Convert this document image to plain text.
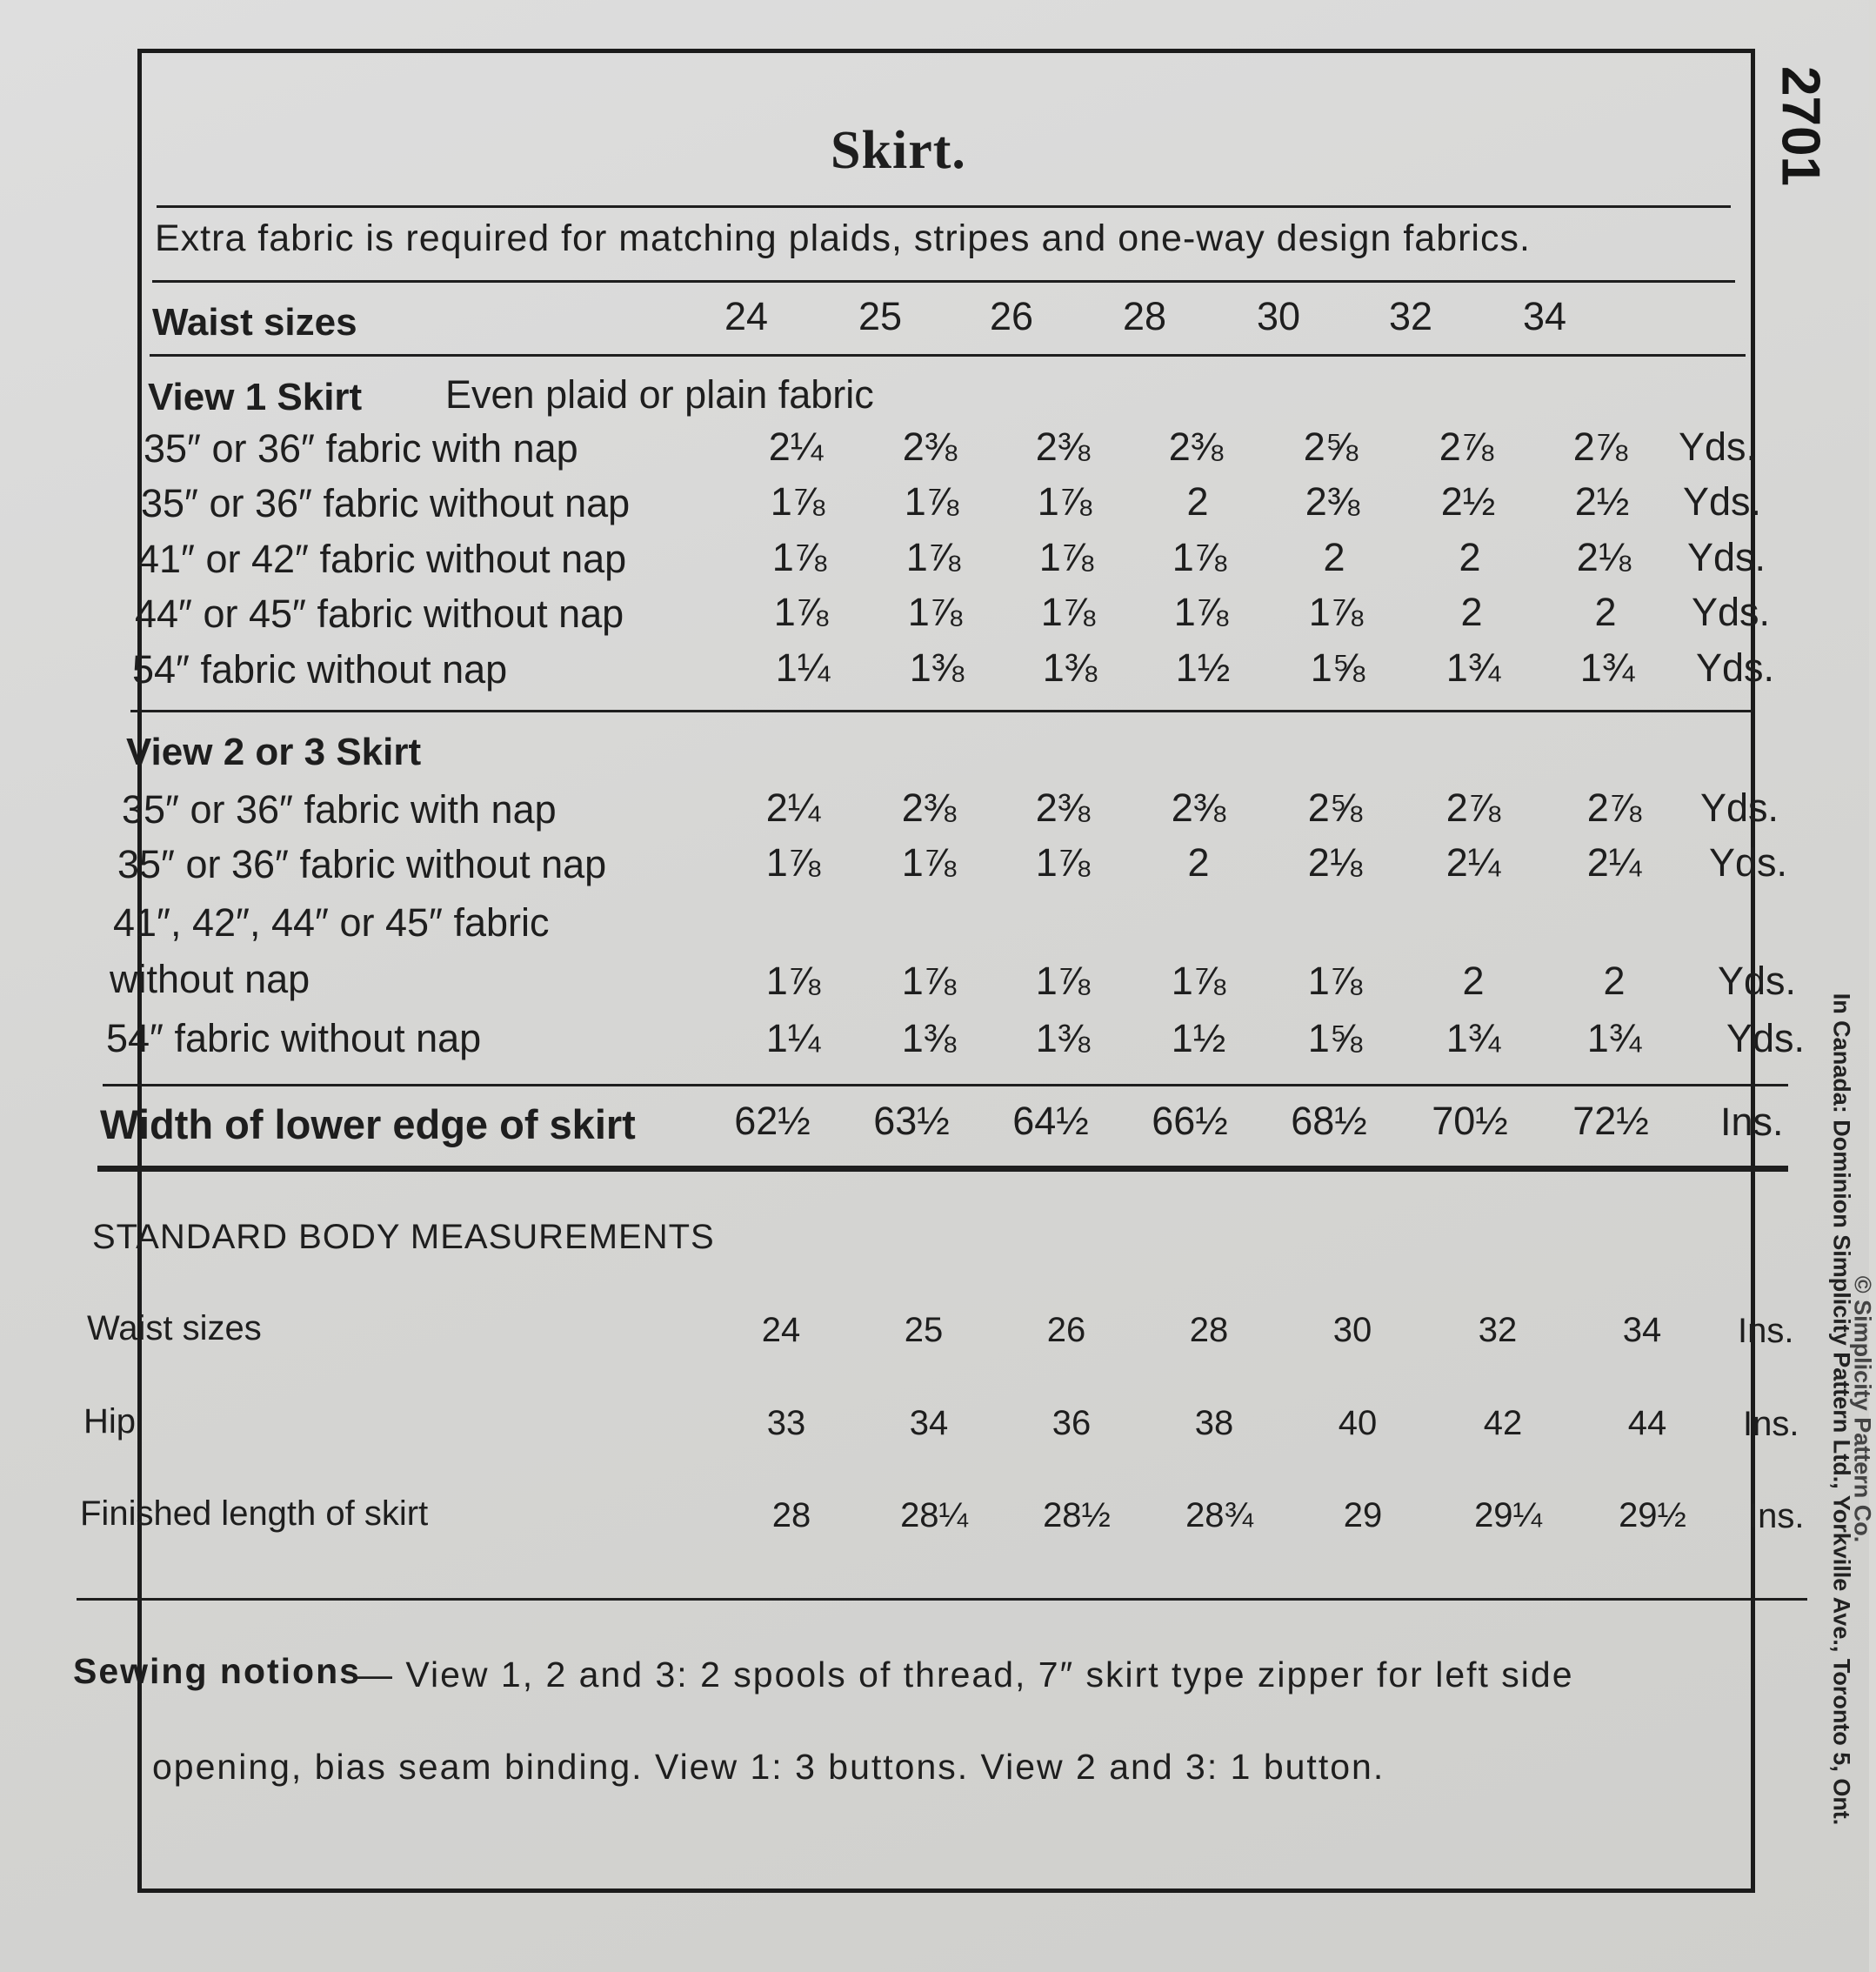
2701
In Canada: Dominion Simplicity Pattern Ltd., Yorkville Ave., Toronto 5, Ont.
© Simplicity Pattern Co.
Skirt.
Extra fabric is required for matching plaids, stripes and one-way design fabrics.
Waist sizes	24	25	26	28	30	32	34
View 1 Skirt Even plaid or plain fabric
35″ or 36″ fabric with nap	2¼	2⅜	2⅜	2⅜	2⅝	2⅞	2⅞	Yds.
35″ or 36″ fabric without nap	1⅞	1⅞	1⅞	2	2⅜	2½	2½	Yds.
41″ or 42″ fabric without nap	1⅞	1⅞	1⅞	1⅞	2	2	2⅛	Yds.
44″ or 45″ fabric without nap	1⅞	1⅞	1⅞	1⅞	1⅞	2	2	Yds.
54″ fabric without nap	1¼	1⅜	1⅜	1½	1⅝	1¾	1¾	Yds.
View 2 or 3 Skirt
35″ or 36″ fabric with nap	2¼	2⅜	2⅜	2⅜	2⅝	2⅞	2⅞	Yds.
35″ or 36″ fabric without nap	1⅞	1⅞	1⅞	2	2⅛	2¼	2¼	Yds.
41″, 42″, 44″ or 45″ fabric
without nap	1⅞	1⅞	1⅞	1⅞	1⅞	2	2	Yds.
54″ fabric without nap	1¼	1⅜	1⅜	1½	1⅝	1¾	1¾	Yds.
Width of lower edge of skirt	62½ 63½ 64½ 66½ 68½ 70½ 72½ Ins.
STANDARD BODY MEASUREMENTS
Waist sizes	24	25	26	28	30	32	34	Ins.
Hip	33	34	36	38	40	42	44	Ins.
Finished length of skirt	28	28¼	28½	28¾	29	29¼	29½	Ins.
Sewing notions
— View 1, 2 and 3: 2 spools of thread, 7″ skirt type zipper for left side
opening, bias seam binding. View 1: 3 buttons. View 2 and 3: 1 button.
